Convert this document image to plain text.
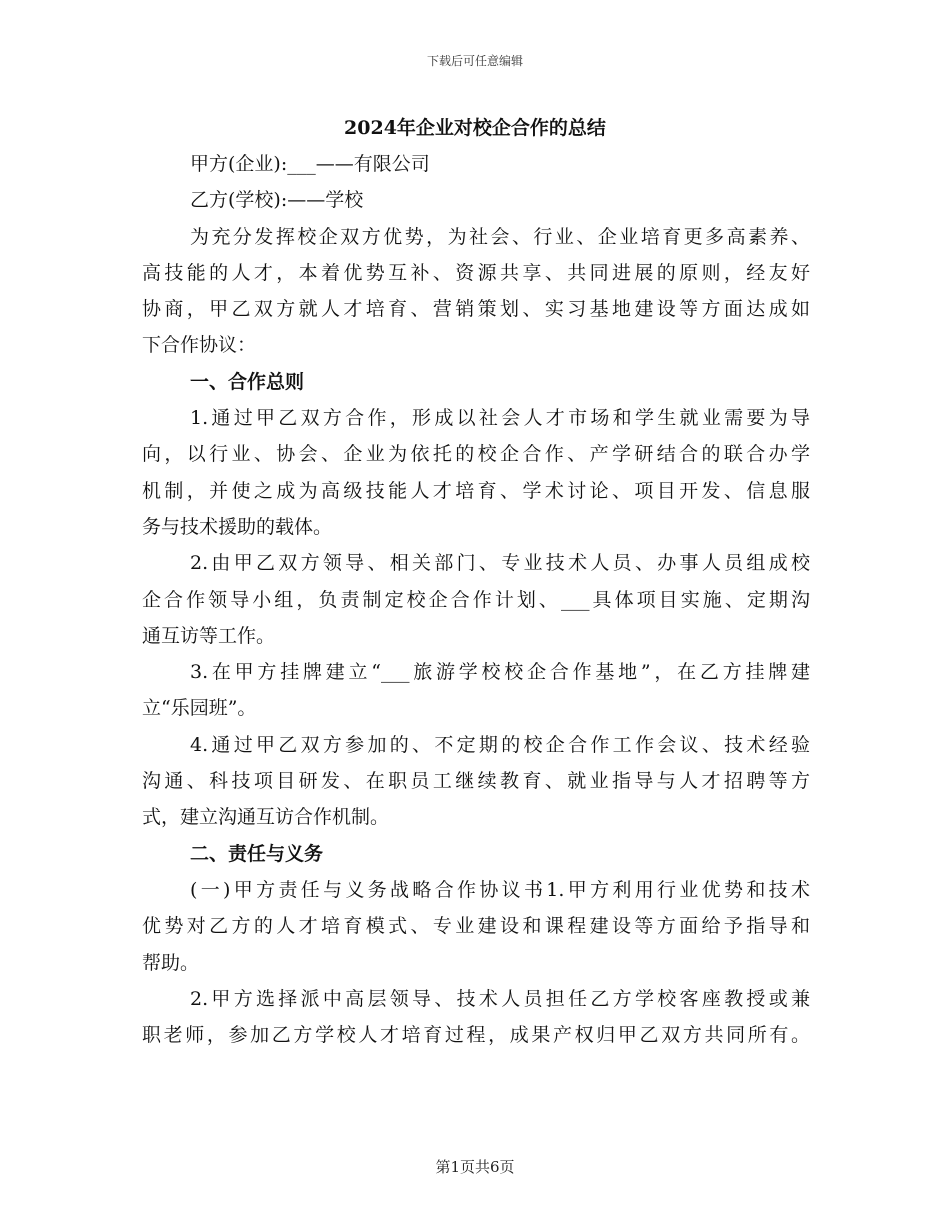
下载后可任意编辑
2024年企业对校企合作的总结

甲方(企业):___——有限公司

乙方(学校):——学校

为充分发挥校企双方优势，为社会、行业、企业培育更多高素养、

高技能的人才，本着优势互补、资源共享、共同进展的原则，经友好

协商，甲乙双方就人才培育、营销策划、实习基地建设等方面达成如

下合作协议：

一、合作总则

1.通过甲乙双方合作，形成以社会人才市场和学生就业需要为导

向，以行业、协会、企业为依托的校企合作、产学研结合的联合办学

机制，并使之成为高级技能人才培育、学术讨论、项目开发、信息服

务与技术援助的载体。

2.由甲乙双方领导、相关部门、专业技术人员、办事人员组成校

企合作领导小组，负责制定校企合作计划、___具体项目实施、定期沟

通互访等工作。

3.在甲方挂牌建立“___旅游学校校企合作基地”，在乙方挂牌建

立“乐园班”。

4.通过甲乙双方参加的、不定期的校企合作工作会议、技术经验

沟通、科技项目研发、在职员工继续教育、就业指导与人才招聘等方

式，建立沟通互访合作机制。

二、责任与义务

(一)甲方责任与义务战略合作协议书1.甲方利用行业优势和技术

优势对乙方的人才培育模式、专业建设和课程建设等方面给予指导和

帮助。

2.甲方选择派中高层领导、技术人员担任乙方学校客座教授或兼

职老师，参加乙方学校人才培育过程，成果产权归甲乙双方共同所有。

第1页共6页
